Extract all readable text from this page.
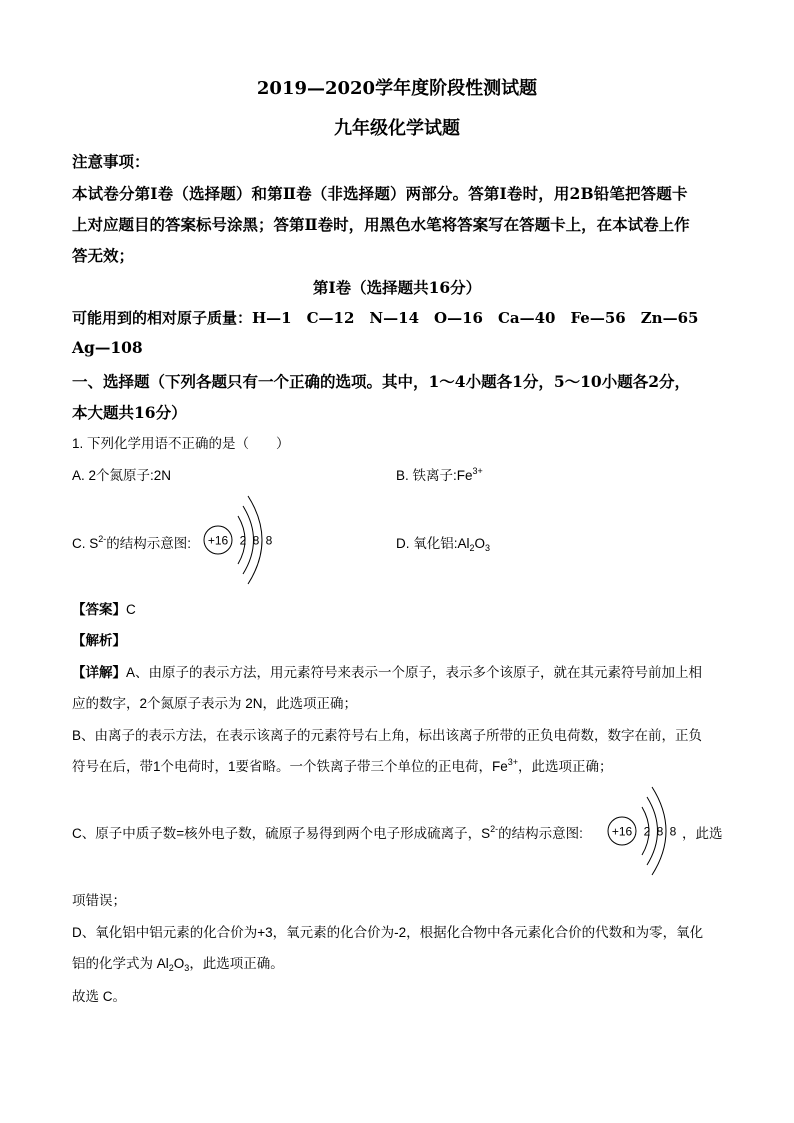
2019—2020学年度阶段性测试题
九年级化学试题
注意事项：
本试卷分第Ⅰ卷（选择题）和第Ⅱ卷（非选择题）两部分。答第Ⅰ卷时，用2B铅笔把答题卡
上对应题目的答案标号涂黑；答第Ⅱ卷时，用黑色水笔将答案写在答题卡上，在本试卷上作
答无效；
第Ⅰ卷（选择题共16分）
可能用到的相对原子质量：H—1　C—12　N—14　O—16　Ca—40　Fe—56　Zn—65
Ag—108
一、选择题（下列各题只有一个正确的选项。其中，1～4小题各1分，5～10小题各2分，
本大题共16分）
1. 下列化学用语不正确的是（　　）
A. 2个氮原子:2N	B. 铁离子$:Fe^{3+}$
C. $S^{2-}$的结构示意图: +16 2 8 8	D. 氧化铝$:Al_2O_3$
【答案】C
【解析】
【详解】A、由原子的表示方法，用元素符号来表示一个原子，表示多个该原子，就在其元素符号前加上相
应的数字，2个氮原子表示为 2N，此选项正确；
B、由离子的表示方法，在表示该离子的元素符号右上角，标出该离子所带的正负电荷数，数字在前，正负
符号在后，带1个电荷时，1要省略。一个铁离子带三个单位的正电荷，$Fe^{3+}$，此选项正确；
C、原子中质子数=核外电子数，硫原子易得到两个电子形成硫离子，$S^{2-}$的结构示意图: +16 2 8 8 ，此选
项错误；
D、氧化铝中铝元素的化合价为+3，氧元素的化合价为-2，根据化合物中各元素化合价的代数和为零，氧化
铝的化学式为 $Al_2O_3$，此选项正确。
故选 C。
